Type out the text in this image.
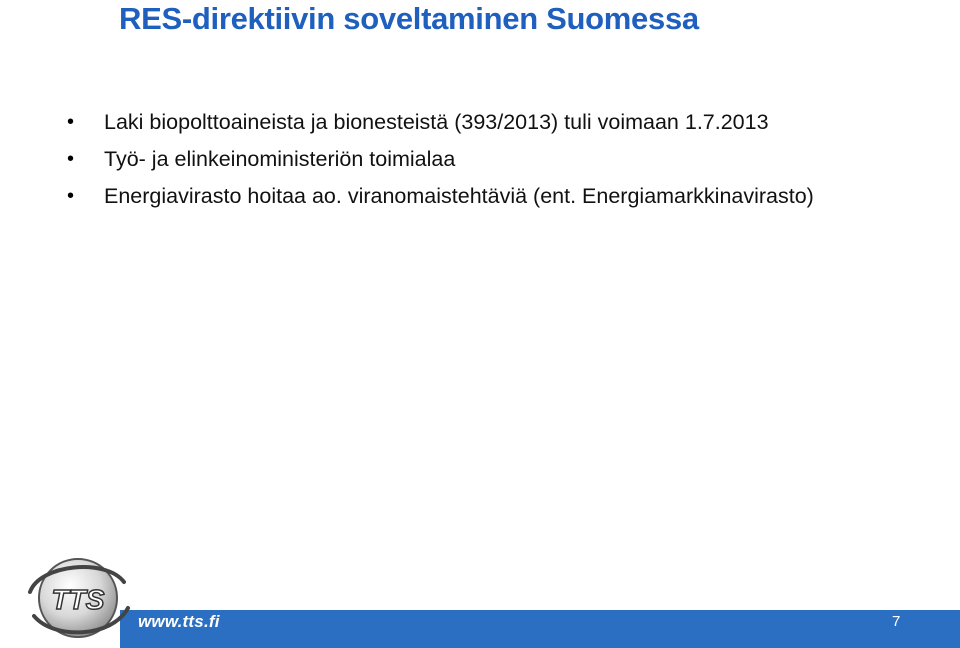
RES-direktiivin soveltaminen Suomessa
• Laki biopolttoaineista ja bionesteistä (393/2013) tuli voimaan 1.7.2013
• Työ- ja elinkeinoministeriön toimialaa
• Energiavirasto hoitaa ao. viranomaistehtäviä (ent. Energiamarkkinavirasto)
www.tts.fi	7
TTS
